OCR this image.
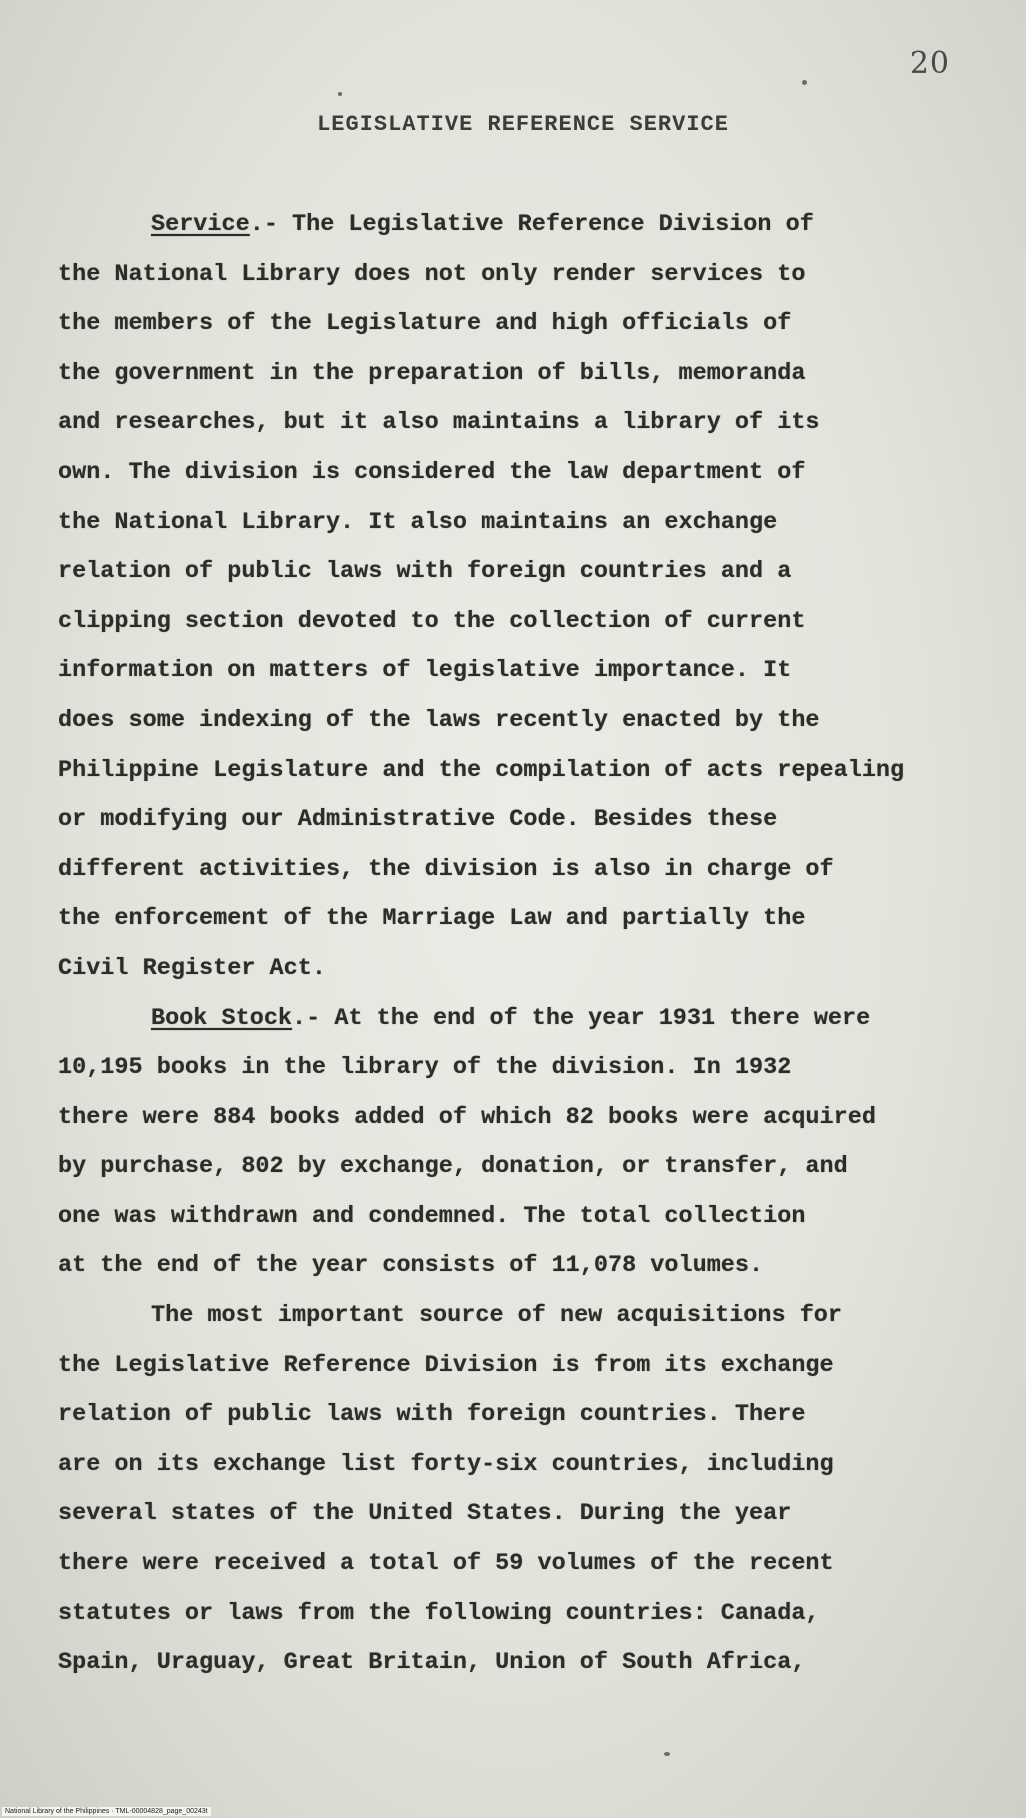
20
LEGISLATIVE REFERENCE SERVICE
Service.- The Legislative Reference Division of
the National Library does not only render services to
the members of the Legislature and high officials of
the government in the preparation of bills, memoranda
and researches, but it also maintains a library of its
own. The division is considered the law department of
the National Library. It also maintains an exchange
relation of public laws with foreign countries and a
clipping section devoted to the collection of current
information on matters of legislative importance. It
does some indexing of the laws recently enacted by the
Philippine Legislature and the compilation of acts repealing
or modifying our Administrative Code. Besides these
different activities, the division is also in charge of
the enforcement of the Marriage Law and partially the
Civil Register Act.
Book Stock.- At the end of the year 1931 there were
10,195 books in the library of the division. In 1932
there were 884 books added of which 82 books were acquired
by purchase, 802 by exchange, donation, or transfer, and
one was withdrawn and condemned. The total collection
at the end of the year consists of 11,078 volumes.
The most important source of new acquisitions for
the Legislative Reference Division is from its exchange
relation of public laws with foreign countries. There
are on its exchange list forty-six countries, including
several states of the United States. During the year
there were received a total of 59 volumes of the recent
statutes or laws from the following countries: Canada,
Spain, Uraguay, Great Britain, Union of South Africa,
National Library of the Philippines · TML-00004828_page_00243t
